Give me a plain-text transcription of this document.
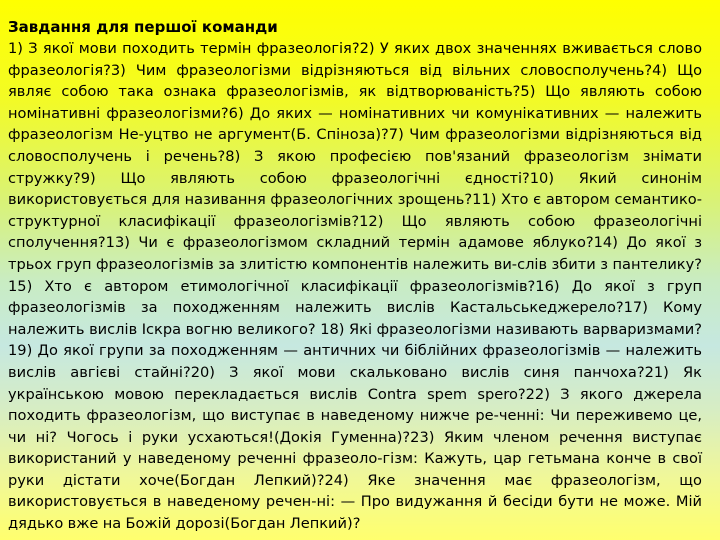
Завдання для першої команди

1) З якої мови походить термін фразеологія?2) У яких двох значеннях вживається слово фразеологія?3) Чим фразеологізми відрізняються від вільних словосполучень?4) Що являє собою така ознака фразеологізмів, як відтворюваність?5) Що являють собою номінативні фразеологізми?6) До яких — номінативних чи комунікативних — належить фразеологізм Не-уцтво не аргумент(Б. Спіноза)?7) Чим фразеологізми відрізняються від словосполучень і речень?8) З якою професією пов'язаний фразеологізм знімати стружку?9) Що являють собою фразеологічні єдності?10) Який синонім використовується для називання фразеологічних зрощень?11) Хто є автором семантико-структурної класифікації фразеологізмів?12) Що являють собою фразеологічні сполучення?13) Чи є фразеологізмом складний термін адамове яблуко?14) До якої з трьох груп фразеологізмів за злитістю компонентів належить ви-слів збити з пантелику?15) Хто є автором етимологічної класифікації фразеологізмів?16) До якої з груп фразеологізмів за походженням належить вислів Кастальськеджерело?17) Кому належить вислів Іскра вогню великого? 18) Які фразеологізми називають варваризмами?19) До якої групи за походженням — античних чи біблійних фразеологізмів — належить вислів авгієві стайні?20) З якої мови скальковано вислів синя панчоха?21) Як українською мовою перекладається вислів Contra spem spero?22) З якого джерела походить фразеологізм, що виступає в наведеному нижче ре-ченні: Чи переживемо це, чи ні? Чогось і руки усхаються!(Докія Гуменна)?23) Яким членом речення виступає використаний у наведеному реченні фразеоло-гізм: Кажуть, цар гетьмана конче в свої руки дістати хоче(Богдан Лепкий)?24) Яке значення має фразеологізм, що використовується в наведеному речен-ні: — Про видужання й бесіди бути не може. Мій дядько вже на Божій дорозі(Богдан Лепкий)?
